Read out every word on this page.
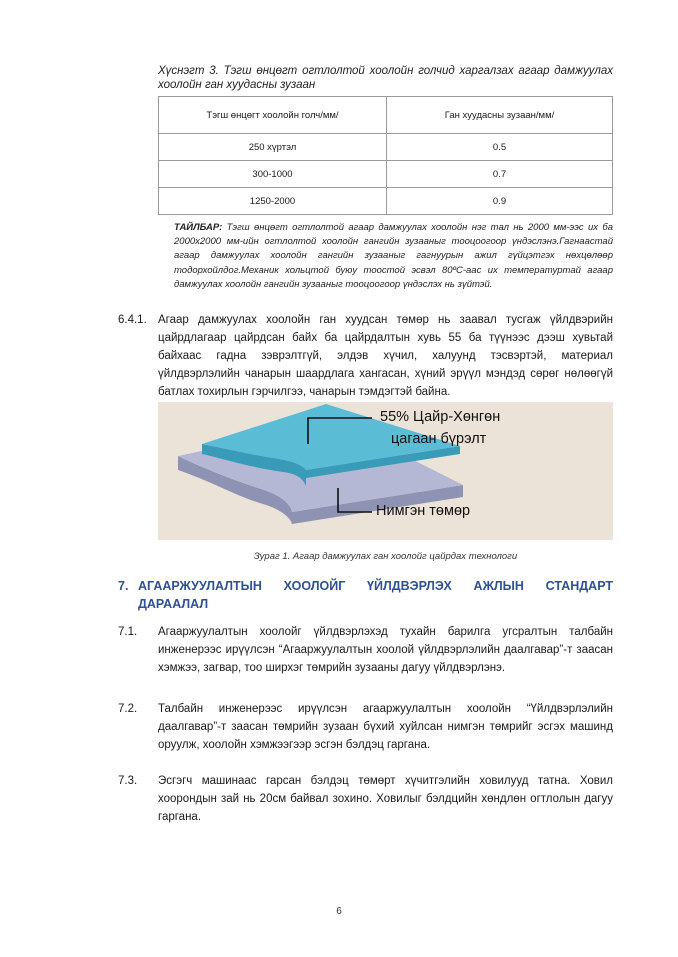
Хүснэгт 3. Тэгш өнцөгт огтлолтой хоолойн голчид харгалзах агаар дамжуулах хоолойн ган хуудасны зузаан
Тэгш өнцөгт хоолойн голч/мм/	Ган хуудасны зузаан/мм/
250 хүртэл	0.5
300-1000	0.7
1250-2000	0.9
ТАЙЛБАР: Тэгш өнцөгт огтлолтой агаар дамжуулах хоолойн нэг тал нь 2000 мм-ээс их ба 2000х2000 мм-ийн огтлолтой хоолойн гангийн зузааныг тооцоогоор үндэслэнэ.Гагнаастай агаар дамжуулах хоолойн гангийн зузааныг гагнуурын ажил гүйцэтгэх нөхцөлөөр тодорхойлдог.Механик хольцтой буюу тоостой эсвэл 80ºС-аас их температуртай агаар дамжуулах хоолойн гангийн зузааныг тооцоогоор үндэслэх нь зүйтэй.
6.4.1. Агаар дамжуулах хоолойн ган хуудсан төмөр нь заавал тусгаж үйлдвэрийн цайрдлагаар цайрдсан байх ба цайрдалтын хувь 55 ба түүнээс дээш хувьтай байхаас гадна зэврэлтгүй, элдэв хүчил, халуунд тэсвэртэй, материал үйлдвэрлэлийн чанарын шаардлага хангасан, хүний эрүүл мэндэд сөрөг нөлөөгүй батлах тохирлын гэрчилгээ, чанарын тэмдэгтэй байна.
55% Цайр-Хөнгөн
цагаан бүрэлт
Нимгэн төмөр
Зураг 1. Агаар дамжуулах ган хоолойг цайрдах технологи
7. АГААРЖУУЛАЛТЫН ХООЛОЙГ ҮЙЛДВЭРЛЭХ АЖЛЫН СТАНДАРТ ДАРААЛАЛ
7.1. Агааржуулалтын хоолойг үйлдвэрлэхэд тухайн барилга угсралтын талбайн инженерээс ирүүлсэн “Агааржуулалтын хоолой үйлдвэрлэлийн даалгавар”-т заасан хэмжээ, загвар, тоо ширхэг төмрийн зузааны дагуу үйлдвэрлэнэ.
7.2. Талбайн инженерээс ирүүлсэн агааржуулалтын хоолойн “Үйлдвэрлэлийн даалгавар”-т заасан төмрийн зузаан бүхий хуйлсан нимгэн төмрийг эсгэх машинд оруулж, хоолойн хэмжээгээр эсгэн бэлдэц гаргана.
7.3. Эсгэгч машинаас гарсан бэлдэц төмөрт хүчитгэлийн ховилууд татна. Ховил хоорондын зай нь 20см байвал зохино. Ховилыг бэлдцийн хөндлөн огтлолын дагуу гаргана.
6
